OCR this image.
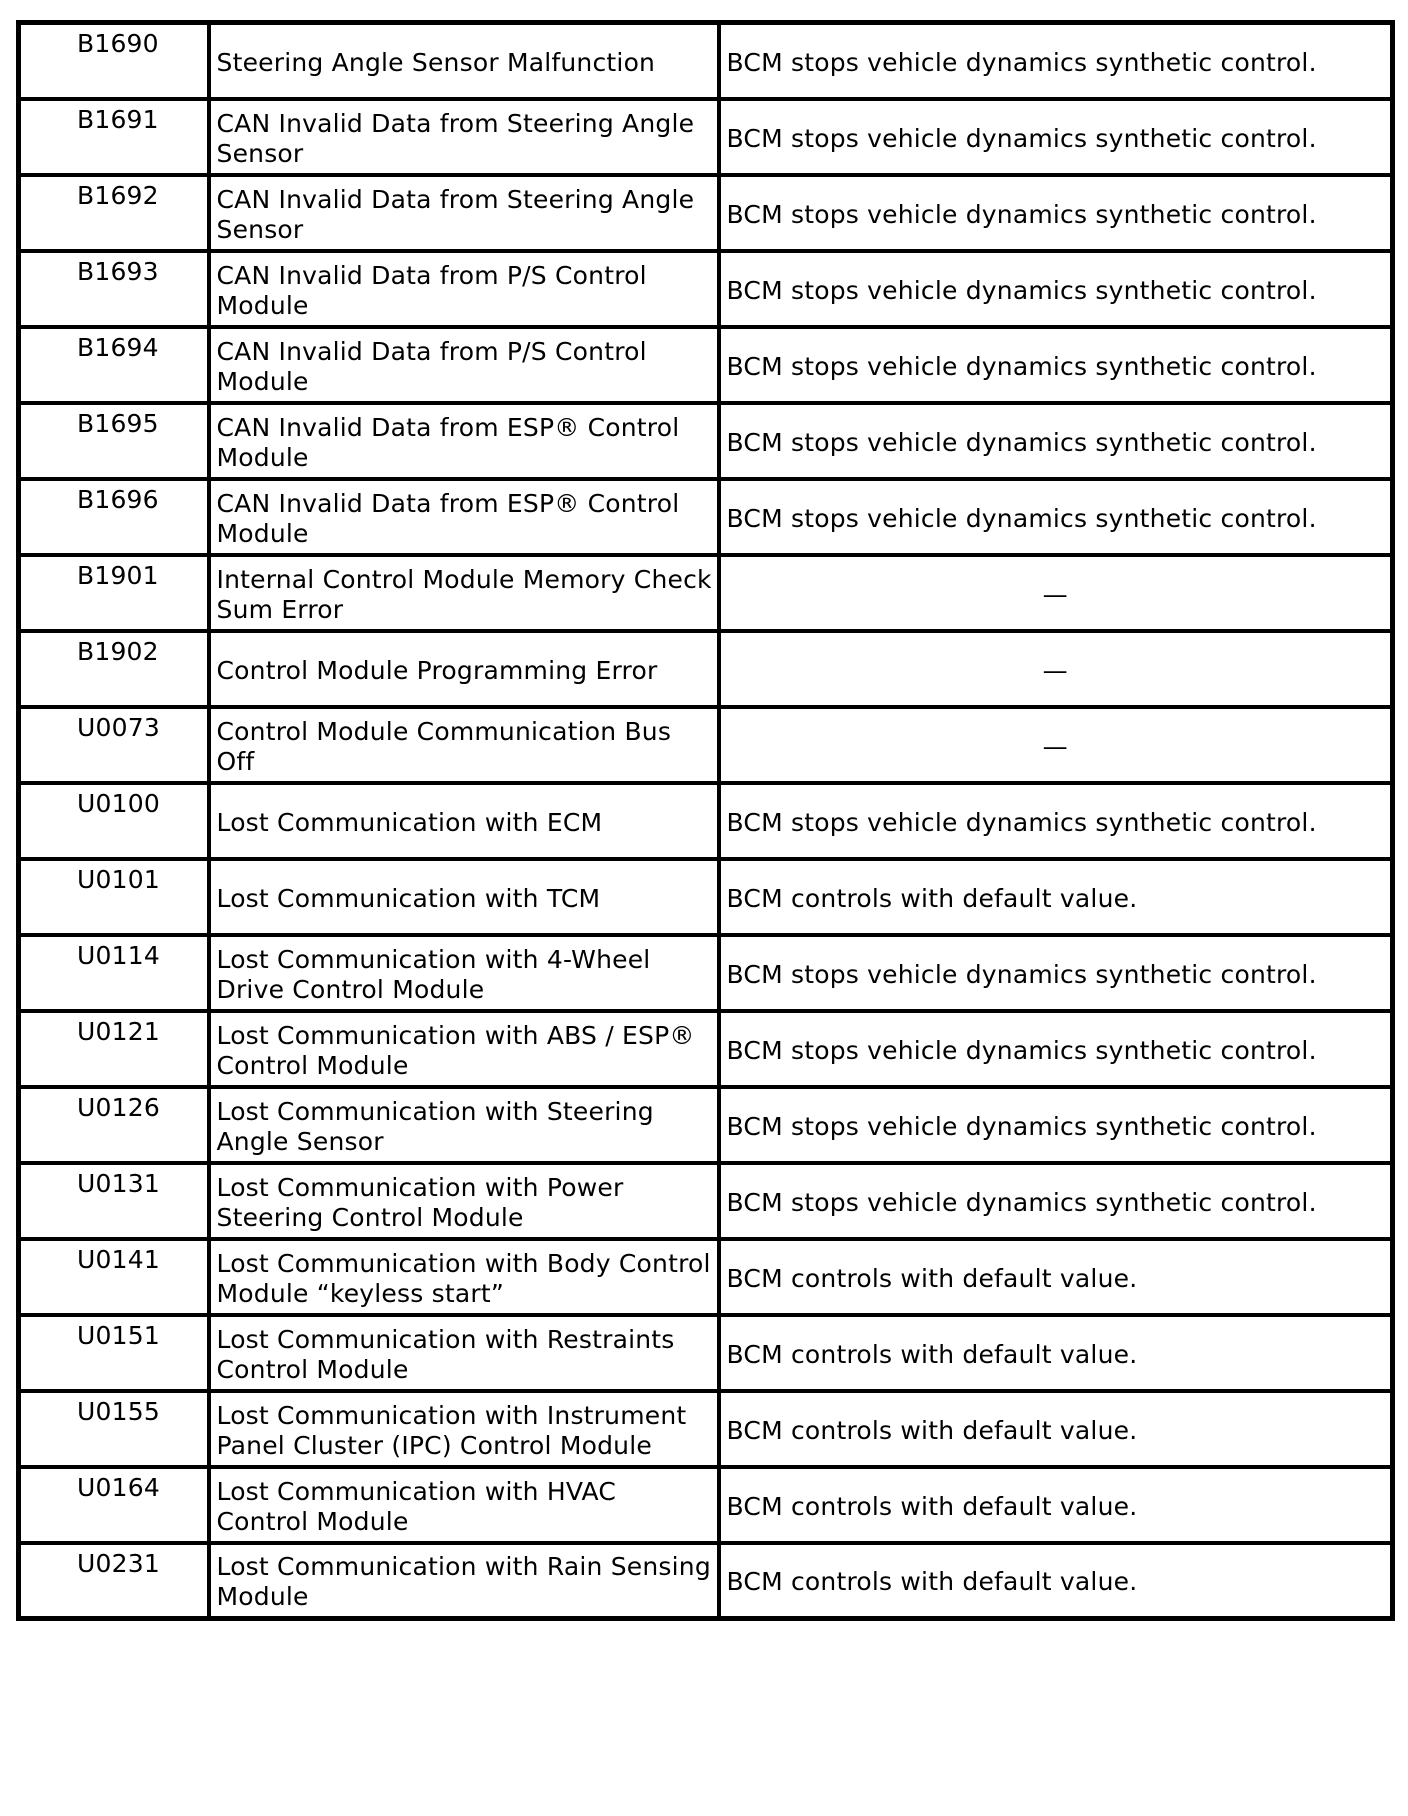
B1690	Steering Angle Sensor Malfunction	BCM stops vehicle dynamics synthetic control.
B1691	CAN Invalid Data from Steering Angle Sensor	BCM stops vehicle dynamics synthetic control.
B1692	CAN Invalid Data from Steering Angle Sensor	BCM stops vehicle dynamics synthetic control.
B1693	CAN Invalid Data from P/S Control Module	BCM stops vehicle dynamics synthetic control.
B1694	CAN Invalid Data from P/S Control Module	BCM stops vehicle dynamics synthetic control.
B1695	CAN Invalid Data from ESP® Control Module	BCM stops vehicle dynamics synthetic control.
B1696	CAN Invalid Data from ESP® Control Module	BCM stops vehicle dynamics synthetic control.
B1901	Internal Control Module Memory Check Sum Error	—
B1902	Control Module Programming Error	—
U0073	Control Module Communication Bus Off	—
U0100	Lost Communication with ECM	BCM stops vehicle dynamics synthetic control.
U0101	Lost Communication with TCM	BCM controls with default value.
U0114	Lost Communication with 4-Wheel Drive Control Module	BCM stops vehicle dynamics synthetic control.
U0121	Lost Communication with ABS / ESP® Control Module	BCM stops vehicle dynamics synthetic control.
U0126	Lost Communication with Steering Angle Sensor	BCM stops vehicle dynamics synthetic control.
U0131	Lost Communication with Power Steering Control Module	BCM stops vehicle dynamics synthetic control.
U0141	Lost Communication with Body Control Module “keyless start”	BCM controls with default value.
U0151	Lost Communication with Restraints Control Module	BCM controls with default value.
U0155	Lost Communication with Instrument Panel Cluster (IPC) Control Module	BCM controls with default value.
U0164	Lost Communication with HVAC Control Module	BCM controls with default value.
U0231	Lost Communication with Rain Sensing Module	BCM controls with default value.
